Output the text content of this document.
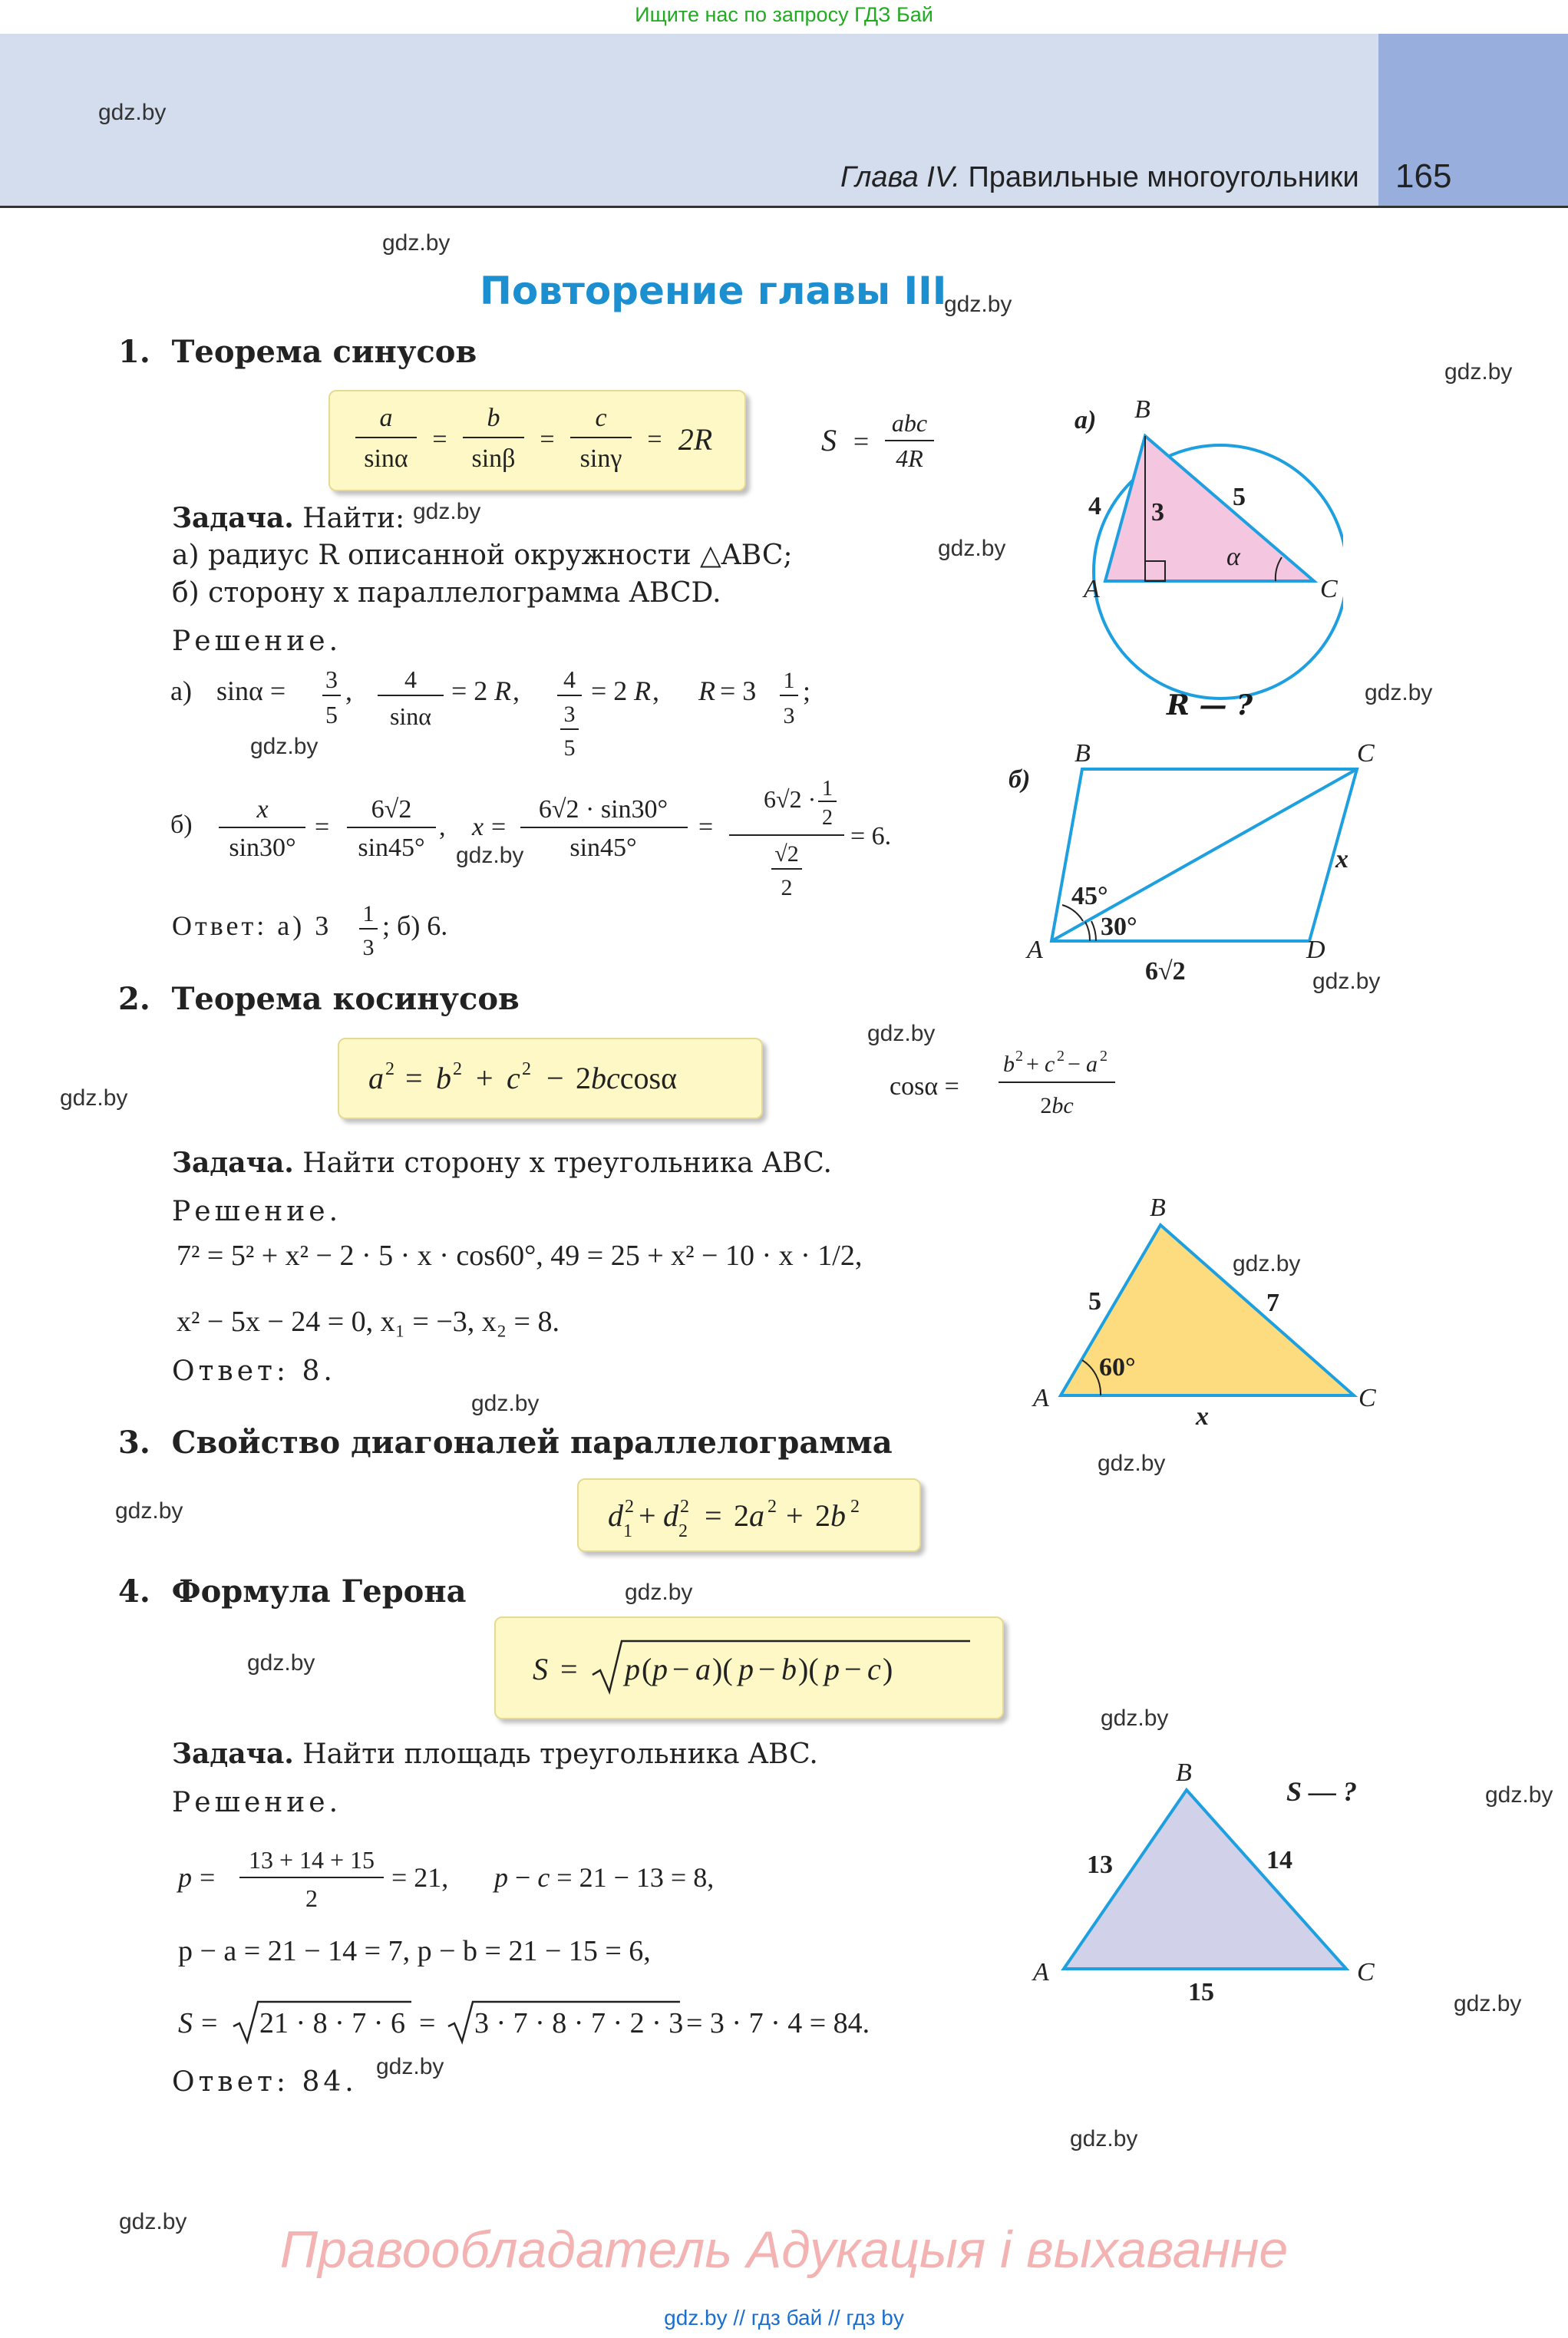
Ищите нас по запросу ГДЗ Бай
gdz.by
Глава IV. Правильные многоугольники 165
gdz.by
gdz.by
gdz.by
gdz.by
gdz.by
gdz.by
gdz.by
gdz.by
gdz.by
gdz.by
gdz.by
gdz.by
gdz.by
gdz.by
gdz.by
gdz.by
gdz.by
gdz.by
gdz.by
gdz.by
gdz.by
gdz.by
gdz.by
Повторение главы III
1. Теорема синусов
a
sinα
=
b
sinβ
=
c
sinγ
= 2R	S =
abc
4R
Задача. Найти:
а) радиус R описанной окружности △ABC;
б) сторону x параллелограмма ABCD.
Решение.
а) sinα = 3
5
, 4
sinα
= 2 R , 4
3
5
= 2 R , R = 3 1
3
;
б)
x
sin30°
=
6√2
sin45°
, x =
6√2 · sin30°
sin45°
=
6√2 · 1
2
√2
2
= 6.
Ответ: а) 3 1
3
; б) 6.
а) B
A	C
4 3
5
α
R — ?
б)
B	C
A	D
45°
30°
x
6√2
2. Теорема косинусов
a 2 = b 2 + c 2 − 2bccosα	cosα =
b 2 + c 2 − a 2
2bc
Задача. Найти сторону x треугольника ABC.
Решение.
7² = 5² + x² − 2 · 5 · x · cos60°, 49 = 25 + x² − 10 · x · 1/2,
x² − 5x − 24 = 0, x₁ = −3, x₂ = 8.
Ответ: 8.
B
A	C
5	7
60°
x
3. Свойство диагоналей параллелограмма
d 2
1 + d 2
2 = 2a 2 + 2b 2
4. Формула Герона
S = p ( p − a )( p − b )( p − c )
Задача. Найти площадь треугольника ABC.
Решение.
p =
13 + 14 + 15
2
= 21, p − c = 21 − 13 = 8,
p − a = 21 − 14 = 7, p − b = 21 − 15 = 6,
S = 21 · 8 · 7 · 6 = 3 · 7 · 8 · 7 · 2 · 3 = 3 · 7 · 4 = 84.
Ответ: 84.
B
A	C
13	14
15
S — ?
Правообладатель Адукацыя і выхаванне
gdz.by // гдз бай // гдз by
